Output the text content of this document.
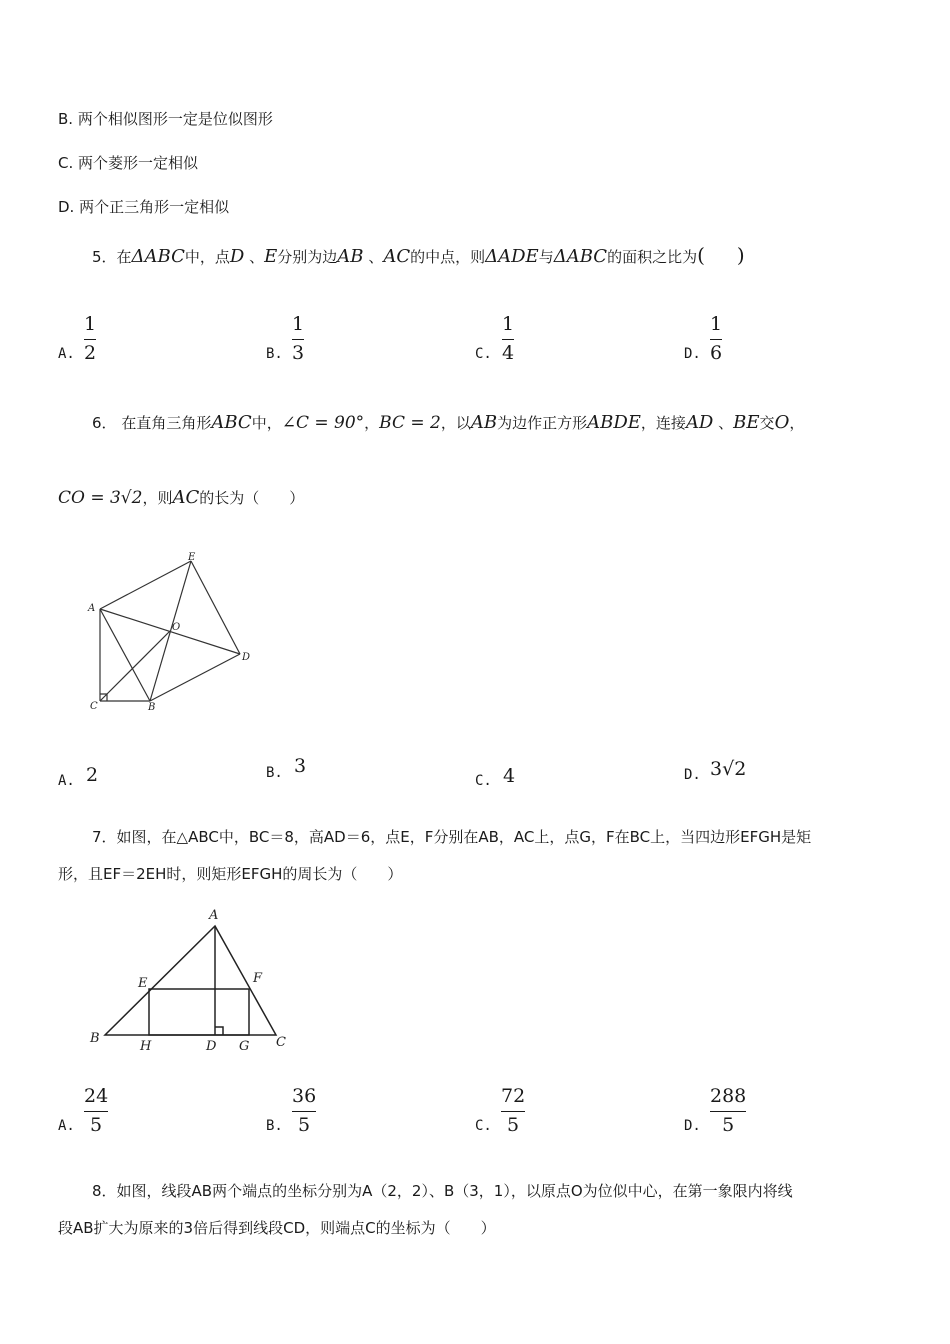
B. 两个相似图形一定是位似图形
C. 两个菱形一定相似
D. 两个正三角形一定相似
5．在ΔABC中，点D 、E分别为边AB 、AC的中点，则ΔADE与ΔABC的面积之比为( )
A.
1
2	B.
1
3	C.
1
4	D.
1
6
6． 在直角三角形ABC中，∠C = 90°，BC = 2，以AB为边作正方形ABDE，连接AD 、BE交O，
CO = 3√2，则AC的长为（　　）
A
E
O
D
C	B
A. 2	B. 3
C. 4	D. 3√2
7．如图，在△ABC中，BC＝8，高AD＝6，点E，F分别在AB，AC上，点G，F在BC上，当四边形EFGH是矩
形，且EF＝2EH时，则矩形EFGH的周长为（　　）
A
E	F
B
H	D G C
A.
24
5	B.
36
5	C.
72
5	D.
288
5
8．如图，线段AB两个端点的坐标分别为A（2，2）、B（3，1），以原点O为位似中心，在第一象限内将线
段AB扩大为原来的3倍后得到线段CD，则端点C的坐标为（　　）
